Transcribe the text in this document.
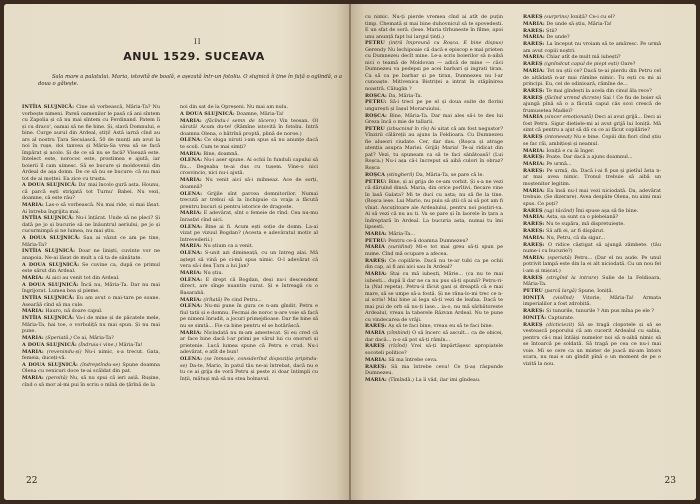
II
ANUL 1529. SUCEAVA
Sala mare a palatului. Maria, istovită de boală, e așezată într-un fotoliu. O slujnică îi ține în față o oglindă, o a doua o gătește.

INTÎIA SLUJNICĂ: Cine să vorbească, Măria-Ta? Nu vorbește nimeni. Pareă oamenilor le pasă că ani sîntem cu Zapolia și că nu mai sîntem cu Ferdinand. Patem îi și cu draco', oamai să ne fie bine. Și, slavă Domnului, e bine. Curge aurul din Ardeal, știți! Astă iarnă cînd au ars al nostru Țara Secuiască, 50 de munți am avut la noi în rușe, doi tanvea și Măria-Sa vrea să se facă împărat și acolo. Și de ce să nu se facă? Visează este. Intelect este, norococ este, prostimea e ajută, iar boierii îl cam uimesc. Să se bucure și moldovenii din Ardeal de așa domn. De ce să nu se bucure: că nu mai tot de ai moțtei. Ea zice cu trusta.

A DOUA SLUJNICĂ: Da' mai încolo gură asta. Hounu, că parcă ești strigată tot Turnu' Babei. Nu vezi, doamne, că este rău?

MARIA: Las-o să vorbească. Nu mai ride, oi mai lăsat. Ai întreba îngrijita mai.

INTÎIA SLUJNICĂ: Nu-i înțărat. Unde să ne pleci? Și dată pe jo și bucurie să ne înăuntrul aeriului, pe jo și cucurmimpă și ne lumea, nu mai știu.

A DOUA SLUJNICĂ: Sau ai văzut ce am pe tine, Măria-Ta?

INTÎIA SLUJNICĂ: Doar ne liniști, cuvinte vor ne anapoia. Ne-ai lăsat de mult a că ta de sănătate.

A DOUA SLUJNICĂ: Se cuvine ca, după ce primul este sărut din Ardeal.

MARIA: Ai aici au venit tot din Ardeal.

A DOUA SLUJNICĂ: Încă nu, Măria-Ta. Dar nu mai îngrijorat. Lumea bea și pieme.

INTÎIA SLUJNICĂ: Eu am avut o mai-tare pe soane. Asearăă cînd să ma cule.

MARIA: Hauro, nă doare capul.

INTÎIA SLUJNICĂ: Va-i de mine și de păcatele mele, Măria-Ta, hai toe, o vorbuliță nu mai spun. Și nu mai pune.

MARIA: (Speriată.) Ce ai, Măria-Ta?

A DOUA SLUJNICĂ: (Îndruia-i vine.) Măria-Ta!

MARIA: (revenindu-și) Nu-i nimic, s-a trecut. Gata, femeia, duceți-vă.

A DOUA SLUJNICĂ: (îndreptîndu-se) Spune doamna Olena cu venicuri doce te-ai scăldat din pat.

MARIA: (peroită) Nu, să nu spui că ieri asiă. Rușine, cînd o să mor al-mi pui în scriu o mînă de țărînă de la

noi din sat de la Opreșeni. Nu mai am nulu.

A DOUA SLUJNICĂ: Doamne, Măria-Ta!

MARIA: (făcîndu-i semn de tăcere) Vin teosan. Ol sărută! Acum du-te! (Rămîne istovită în fotoliu. Intră doamna Olena, o bătrînă proptă, plină de noroe.)

OLENA: Ce sluga niruti i-am spus să nu anunțe dacă te scoli. Cum te mai simți?

MARIA: Bine, doamnă.

OLENA: Nu-i aser spune. Ai ochii în funduli capului să fiu... Degeaba te-ai dus cu tușem. Vine-o nici crosvincio, nici nu-i ajută.

MARIA: Nu venit aici să-i mihneaz. Ace de sorți, doamnă?

OLENA: Grijile sînt parcea domnitorilor. Numai trecută ar trebui să la închipuie ca vraja a făcută prentru bucuri și pentru istorice de dragoste.

MARIA: E adevărat, sînt o femeie de rînd. Cea nu-mu înrasfat cînd aici.

OLENA: Bine ai fi. Acum ești soție de domn. La-ai vizat pe vizuul Bogdan? (Acesta e adevăratul motiv al întrevederii.)

MARIA: Nu știum ca a venit.

OLENA: S-unit azi dimineață, cu un întreg alai. Mă aștept să vină pe ci-mă spus nimic. O-l adevărat că vera să-i dea Țara a lui Jan?

MARIA: Nu știu.

OLENA: E drept că Bogdan, deși nu-i descendent direct, are sînge nuantin curat. Și e întreagă cu o Basarabă.

MARIA: (irîtată) Pe cind Petru...

OLENA: Nu-mi pune în gura ce n-am gîndit. Petru e fiul tatii și e domnu. Fecmai de noroc n-are voie să facă pe nimeni înrudit, a jocuri primejdioase. Dar fie bine să nu se simtă... Fie ca bine pentru el se hotărăscă.

MARIA: Nicindată nu m-am amestecat. Și eu cred că ar face bine dacă l-ar primi pe vărul lui cu onoruri și prietenie. Lucă lumea spune că Petru e crud. Nu-i adevărat, e atît de bun!

OLENA: (se înmoaie, considerînd dispoziția pripindu-se) Da-te, Mario, în patul tău ne-ai întrebat, dacă nu e tu ce ai grija de voră Petru și peste zi doar întimpli cu înții, mătuși mă să nu stea bolnavul.

22

cu nimic. Nu-ți pierde vremea cînd ai atît de puțin timp. Chemată și mai bine duhovnicul să te spovedesti. E un sfat de soră. (Iese. Maria tîrbuneste în filme, apoi unu anunță fapt lui largul ținți.)

PETRU (intră împreună cu Roșca. E bine dispus) Gerendy Nu lechipoaie că dacă e episcop e mai prieten cu Dumnezeu decît mine. Le-a scris boierilor să n-aibă nici o teamă de Moldovan — adică de mine — căci Dumnezeu va pedepsi pe acei barbari și ingrati tiran. Ca să ca pe barbar și pe tiran, Dumnezeu nu l-ar cunoaște. Mitivenica Bistriței a intrat în stăpînirea noastră. Călugăn ?

ROȘCA: Da, Măria-Ta.

PETRU: Să-i treci pe pe el și doua suite de florini ungurești și Iașul Moraruiului.

ROȘCA: Bine, Măria-Ta. Dar mai ales să-i te des lui Greza încă o mie de tallarii.

PETRU (izbucnind în rîs) Ai uitat că am fost negustor? Vînzirii călăreții au ajuns la Feldioara. Cu Dumnezeu fie alueori ciudate. Cer, dar dau. (Roșca și atrage atenția asupra Mariei. Grijă) Maria! Te-ai ridicat din pat? Vezi, tu spuneam ca să te faci sănătoasă! (Lui Roșca.) Nu-i așa că-i încreput să aibă culori în obraz? Roșca

ROȘCA (stingheril) Da, Măria-Ta, se pare că le.

PETRU: Bine, și ai grija de ce-am vorbit. Și s-a ne vezi că dăruind dinsă. Maria, din orice porîtivi, fiecare vine în lasă Galata? Mi te duci cu asta; nu să fie la tine. (Roșca iese. Lui Mario, nu puiu să știi că ai să pot am fi vînat. Ascuțitoare ale Ardealului, pentru noi poștiri-va. Ai să vezi că nu au ti. Va se pare și în laorele în țara a îndreptară în Ardeal. La bucuria asta, numai tu îmi lipsesti.

MARIA: Măria-Ta...

PETRU: Pentru ce-ă doamna Dumnezeu?

MARIA (suridind) Mi-e tot mai greu să-ți spun pe nume. Cînd mă ocupare a afecea.

RAREȘ: Ce copilărie. Dacă nu te-ar tubi ca pe ochii din cap, ai fi ani aici sau în Ardeal?

MARIA: Stai cu mă iubești, Mărie... (ca nu te mai iubesti... după îi dar ne ca nu pus să-ți spună? Petru-ri-la (Nal repeta). Petru-ii făcut gasi și dreaptă că e mai mare, să se umpe să-a fostă. Și ne răna-lo-mi trec ce n-ai scris! Mai bine ai lega să-ți vezi de leafaa. Dacă te mai pui de orb să nu-ți lase... ia-o, nu mă sărbătoreste Ardealul, vreau la taberele Răzvan Ardeal. Nu te pune cu vindecarea de vrăji.

RAREȘ: Aș să te faci bine, vreau eu să te faci bine.

MARIA (zîmbind) O să încerc să ascult... ca de obicei, dar dacă... n-o să pot să-ți rămîn...

RAREȘ (rîzînd) Vrei să-ți împărtășesc apropiatele socoteli politice?

MARIA: Să ma întrebe ceva.

RAREȘ: Să ma întrebe ceva! Ce ți-aș răspunde Dumnezeu.

MARIA: (Tîmîndă.) La îi văd, ilar imi gîndeau.

RAREȘ (surprins) Ioniță? Ce-i cu el?

MARIA: De unde să știu, Măria-Ta!

RAREȘ: Știi?

MARIA: De unde?

RAREȘ: La început nu vroiam să te amăresc. Pe urmă am avut copiii noștri.

MARIA: Chiar atît de mult mă iubești?

RAREȘ (ignîndcut capul de piept ești) Oare?

MARIA: Tot nu știi ce? Dacă te-ai pierdu din Petru cel de altădată n-ar mai rămîne nimic. Tu ești cu mi ai principi. Eu, cel de odinioară, rămîne de...

RAREȘ: Te mai gîndești la acela din cinul ăla rece?

RAREȘ (fâcînd urmnd dicrete) Sai ! Ce fiu de boier să ajungă pînă să o a făcută capul căs scoi crescă de frumusetea Madiei?

MARIA (sincer emoționată) Deci ai avut grijă... Deci ai fost Petru. Sigur dietiele-mi ai avut grijă lui Ioniță. Mă simt că pentru a ajut să dă cu ce ai făcut copilărie?

RAREȘ (intoneeat) Nu e bine. Copiii din fiori cînd știu se fac răi, ambițioși și neamul.

MARIA: Ioniță e cu ăi înger.

RAREȘ: Poate. Dar dacă a ajuns doamnul...

MARIA: Pe urmă...

RAREȘ: Pe urmă, da. Dacă i-ai fi pus și pietîul ăsta n-ar mai avea nimic. Tronul trebuie să aibă un moștenitor legitim.

MARIA: Ea însă nu-l mai vezi niciodată. Da, adevărat trebuie. (Se dizerare). Avea despăte Olena, nu aimi mai spus. Ce poți?

RAREȘ (ugi tâcând) Îmi spuse așa să fie bine.

MARIA: Asta, sa sunt ca o plebeiană?

RAREȘ: Nu te supăra, mă dispretuiește.

RAREȘ: Să afli ei, ar fi dispărut.

MARIA: Nu, Petru, că da sigur...

RAREȘ: O ridice câștigat să ajungă zâmbete. (tău nume-i cu bucurie?)

MARIA: (speriată) Petru... (Dar el nu aude. Pe unul potrivit lampă este din la ei alt niciodată. Cu un nou fel i-am și mișcat.)

RAREȘ (strigînd la intrare) Sulie de la Feldioara, Măria-Ta.

PETRU (parcă largă) Spune, Ioniță.

IONIȚĂ (violînd) Vitorie, Măria-Ta! Armata imperialilor a fost zdrobită.

RAREȘ: Și tunurile, tunurile ? Am pus mîna pe ele ?

IONIȚĂ: Capturate.

RAREȘ (dicticiezit) Să se tragă clopotele și să se vestească poporului că am cucerit Ardealul cu sabia, pentru că-i mai întăiși numelor noi să n-aibă nimic să se întoarcă pe soldată. Să tragă pe cea ce nu-i mai voie. Mi se cere ca un mister de joacă mi-am întors scara, nu mai e un gîndit pînă o un moment de pe o vizită la nou.

23
